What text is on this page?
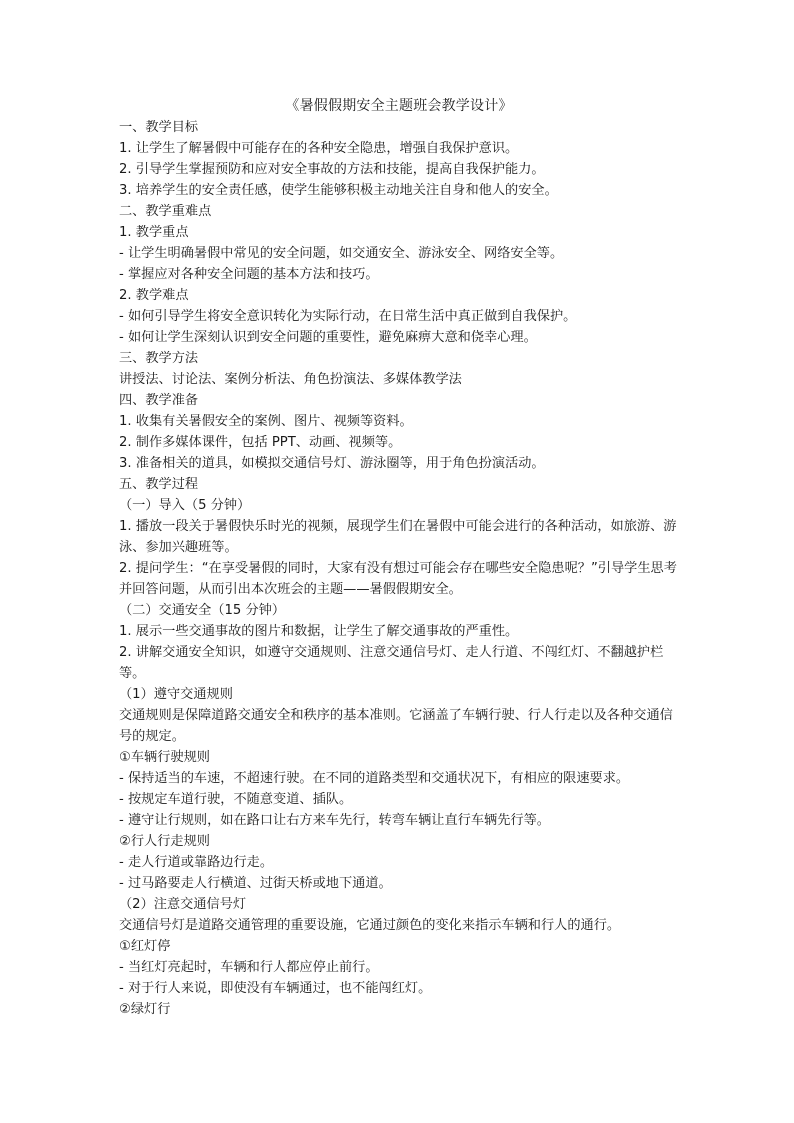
《暑假假期安全主题班会教学设计》

一、教学目标

1. 让学生了解暑假中可能存在的各种安全隐患，增强自我保护意识。

2. 引导学生掌握预防和应对安全事故的方法和技能，提高自我保护能力。

3. 培养学生的安全责任感，使学生能够积极主动地关注自身和他人的安全。

二、教学重难点

1. 教学重点

- 让学生明确暑假中常见的安全问题，如交通安全、游泳安全、网络安全等。

- 掌握应对各种安全问题的基本方法和技巧。

2. 教学难点

- 如何引导学生将安全意识转化为实际行动，在日常生活中真正做到自我保护。

- 如何让学生深刻认识到安全问题的重要性，避免麻痹大意和侥幸心理。

三、教学方法

讲授法、讨论法、案例分析法、角色扮演法、多媒体教学法

四、教学准备

1. 收集有关暑假安全的案例、图片、视频等资料。

2. 制作多媒体课件，包括 PPT、动画、视频等。

3. 准备相关的道具，如模拟交通信号灯、游泳圈等，用于角色扮演活动。

五、教学过程

（一）导入（5 分钟）

1. 播放一段关于暑假快乐时光的视频，展现学生们在暑假中可能会进行的各种活动，如旅游、游泳、参加兴趣班等。

2. 提问学生：“在享受暑假的同时，大家有没有想过可能会存在哪些安全隐患呢？”引导学生思考并回答问题，从而引出本次班会的主题——暑假假期安全。

（二）交通安全（15 分钟）

1. 展示一些交通事故的图片和数据，让学生了解交通事故的严重性。

2. 讲解交通安全知识，如遵守交通规则、注意交通信号灯、走人行道、不闯红灯、不翻越护栏等。

（1）遵守交通规则

交通规则是保障道路交通安全和秩序的基本准则。它涵盖了车辆行驶、行人行走以及各种交通信号的规定。

①车辆行驶规则

- 保持适当的车速，不超速行驶。在不同的道路类型和交通状况下，有相应的限速要求。

- 按规定车道行驶，不随意变道、插队。

- 遵守让行规则，如在路口让右方来车先行，转弯车辆让直行车辆先行等。

②行人行走规则

- 走人行道或靠路边行走。

- 过马路要走人行横道、过街天桥或地下通道。

（2）注意交通信号灯

交通信号灯是道路交通管理的重要设施，它通过颜色的变化来指示车辆和行人的通行。

①红灯停

- 当红灯亮起时，车辆和行人都应停止前行。

- 对于行人来说，即使没有车辆通过，也不能闯红灯。

②绿灯行
